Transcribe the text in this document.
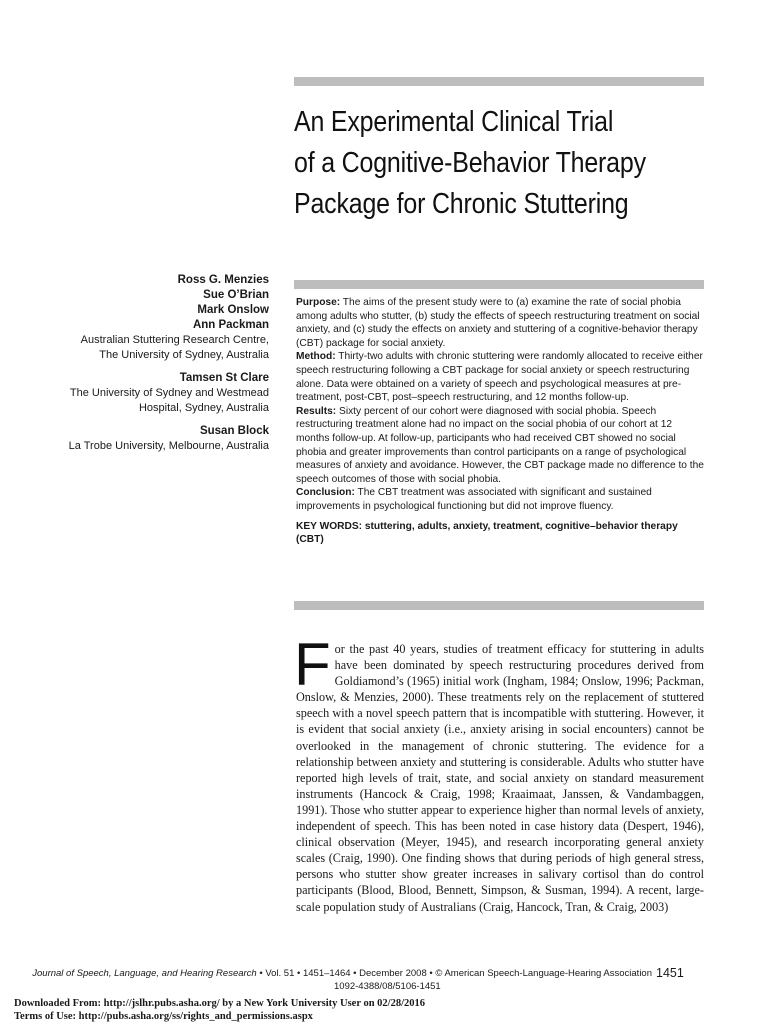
An Experimental Clinical Trial
of a Cognitive-Behavior Therapy
Package for Chronic Stuttering
Ross G. Menzies
Sue O’Brian
Mark Onslow
Ann Packman
Australian Stuttering Research Centre,
The University of Sydney, Australia
Tamsen St Clare
The University of Sydney and Westmead
Hospital, Sydney, Australia
Susan Block
La Trobe University, Melbourne, Australia

Purpose: The aims of the present study were to (a) examine the rate of social phobia among adults who stutter, (b) study the effects of speech restructuring treatment on social anxiety, and (c) study the effects on anxiety and stuttering of a cognitive-behavior therapy (CBT) package for social anxiety.

Method: Thirty-two adults with chronic stuttering were randomly allocated to receive either speech restructuring following a CBT package for social anxiety or speech restructuring alone. Data were obtained on a variety of speech and psychological measures at pre-treatment, post-CBT, post–speech restructuring, and 12 months follow-up.

Results: Sixty percent of our cohort were diagnosed with social phobia. Speech restructuring treatment alone had no impact on the social phobia of our cohort at 12 months follow-up. At follow-up, participants who had received CBT showed no social phobia and greater improvements than control participants on a range of psychological measures of anxiety and avoidance. However, the CBT package made no difference to the speech outcomes of those with social phobia.

Conclusion: The CBT treatment was associated with significant and sustained improvements in psychological functioning but did not improve fluency.

KEY WORDS: stuttering, adults, anxiety, treatment, cognitive–behavior therapy (CBT)

For the past 40 years, studies of treatment efficacy for stuttering in adults have been dominated by speech restructuring procedures derived from Goldiamond’s (1965) initial work (Ingham, 1984; Onslow, 1996; Packman, Onslow, & Menzies, 2000). These treatments rely on the replacement of stuttered speech with a novel speech pattern that is incompatible with stuttering. However, it is evident that social anxiety (i.e., anxiety arising in social encounters) cannot be overlooked in the management of chronic stuttering. The evidence for a relationship between anxiety and stuttering is considerable. Adults who stutter have reported high levels of trait, state, and social anxiety on standard measurement instruments (Hancock & Craig, 1998; Kraaimaat, Janssen, & Vandambaggen, 1991). Those who stutter appear to experience higher than normal levels of anxiety, independent of speech. This has been noted in case history data (Despert, 1946), clinical observation (Meyer, 1945), and research incorporating general anxiety scales (Craig, 1990). One finding shows that during periods of high general stress, persons who stutter show greater increases in salivary cortisol than do control participants (Blood, Blood, Bennett, Simpson, & Susman, 1994). A recent, large-scale population study of Australians (Craig, Hancock, Tran, & Craig, 2003)
Journal of Speech, Language, and Hearing Research • Vol. 51 • 1451–1464 • December 2008 • © American Speech-Language-Hearing Association 1451
1092-4388/08/5106-1451
Downloaded From: http://jslhr.pubs.asha.org/ by a New York University User on 02/28/2016
Terms of Use: http://pubs.asha.org/ss/rights_and_permissions.aspx
